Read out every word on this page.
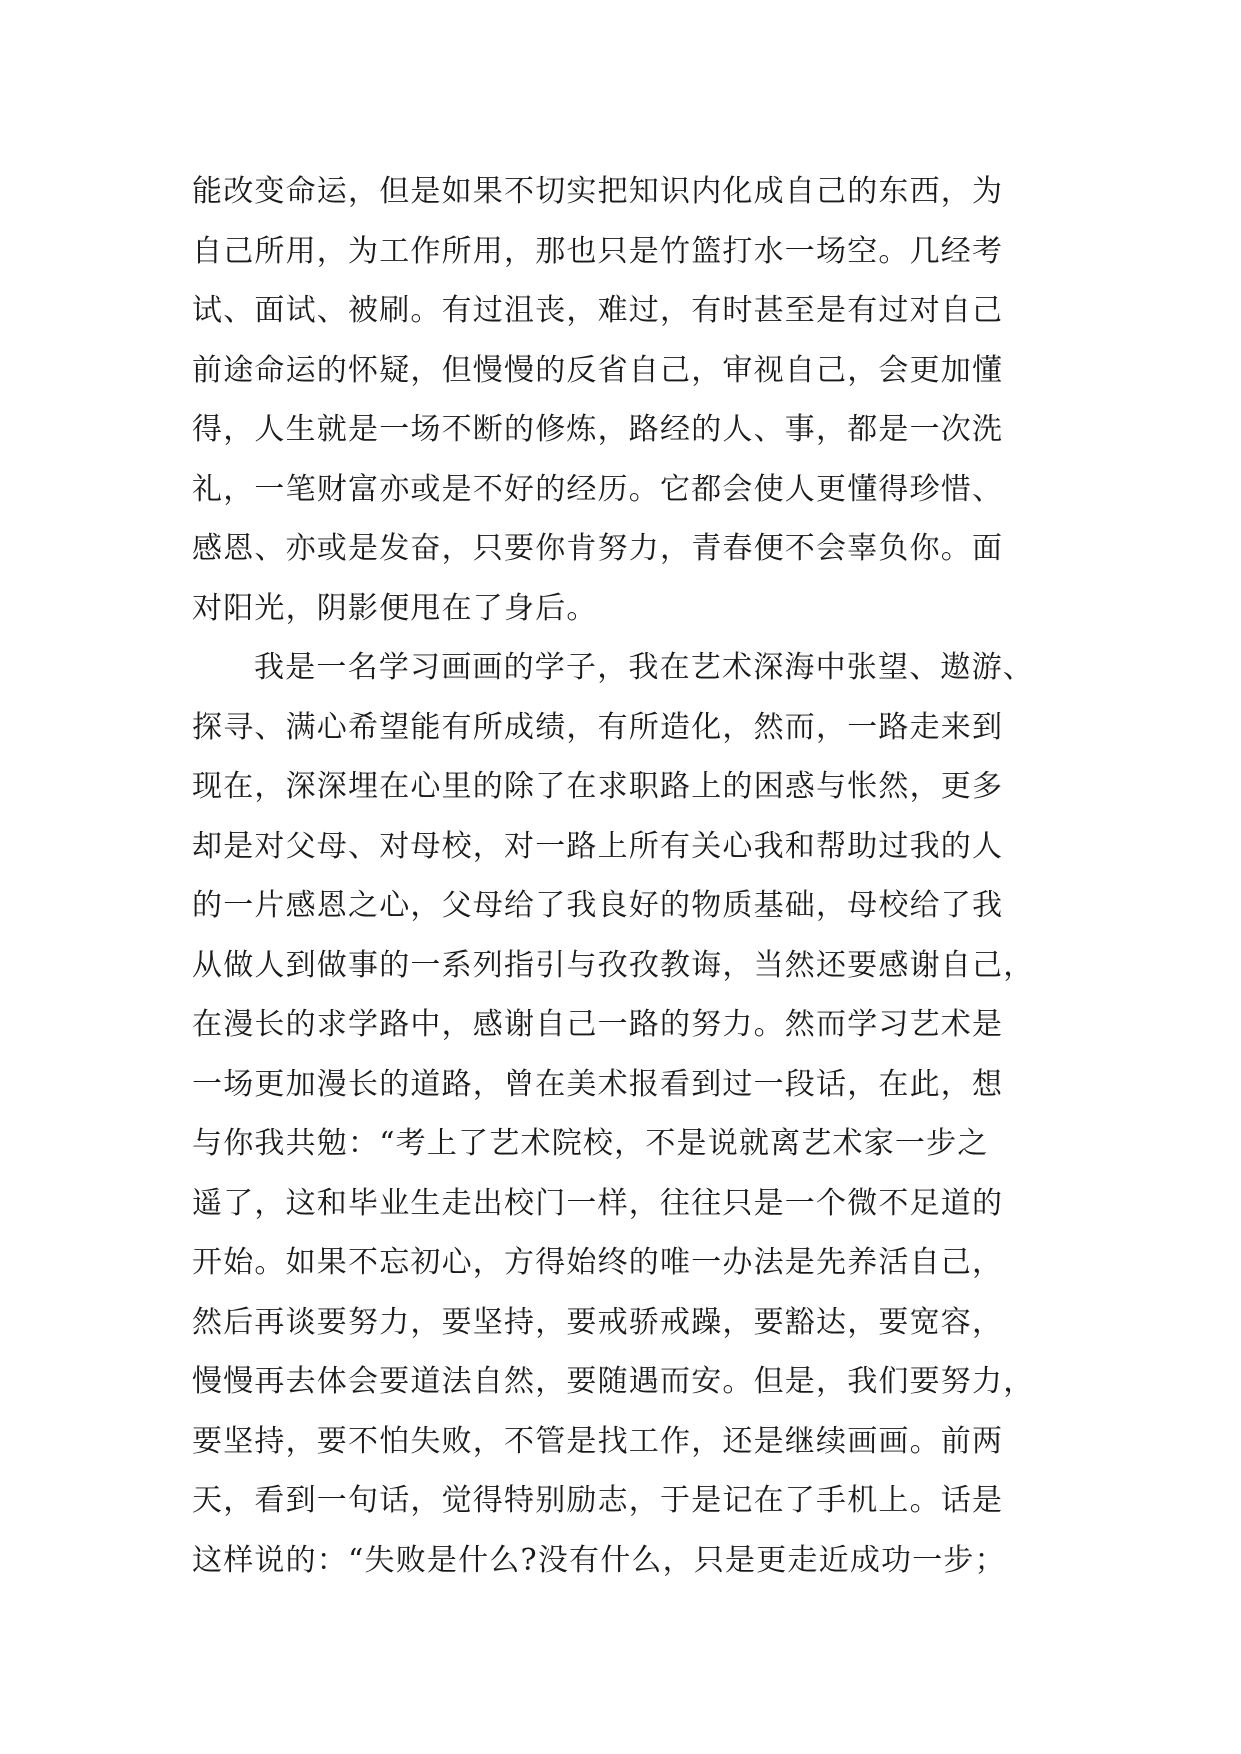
能改变命运，但是如果不切实把知识内化成自己的东西，为
自己所用，为工作所用，那也只是竹篮打水一场空。几经考
试、面试、被刷。有过沮丧，难过，有时甚至是有过对自己
前途命运的怀疑，但慢慢的反省自己，审视自己，会更加懂
得，人生就是一场不断的修炼，路经的人、事，都是一次洗
礼，一笔财富亦或是不好的经历。它都会使人更懂得珍惜、
感恩、亦或是发奋，只要你肯努力，青春便不会辜负你。面
对阳光，阴影便甩在了身后。
我是一名学习画画的学子，我在艺术深海中张望、遨游、
探寻、满心希望能有所成绩，有所造化，然而，一路走来到
现在，深深埋在心里的除了在求职路上的困惑与怅然，更多
却是对父母、对母校，对一路上所有关心我和帮助过我的人
的一片感恩之心，父母给了我良好的物质基础，母校给了我
从做人到做事的一系列指引与孜孜教诲，当然还要感谢自己，
在漫长的求学路中，感谢自己一路的努力。然而学习艺术是
一场更加漫长的道路，曾在美术报看到过一段话，在此，想
与你我共勉：“考上了艺术院校，不是说就离艺术家一步之
遥了，这和毕业生走出校门一样，往往只是一个微不足道的
开始。如果不忘初心，方得始终的唯一办法是先养活自己，
然后再谈要努力，要坚持，要戒骄戒躁，要豁达，要宽容，
慢慢再去体会要道法自然，要随遇而安。但是，我们要努力，
要坚持，要不怕失败，不管是找工作，还是继续画画。前两
天，看到一句话，觉得特别励志，于是记在了手机上。话是
这样说的：“失败是什么?没有什么，只是更走近成功一步；
